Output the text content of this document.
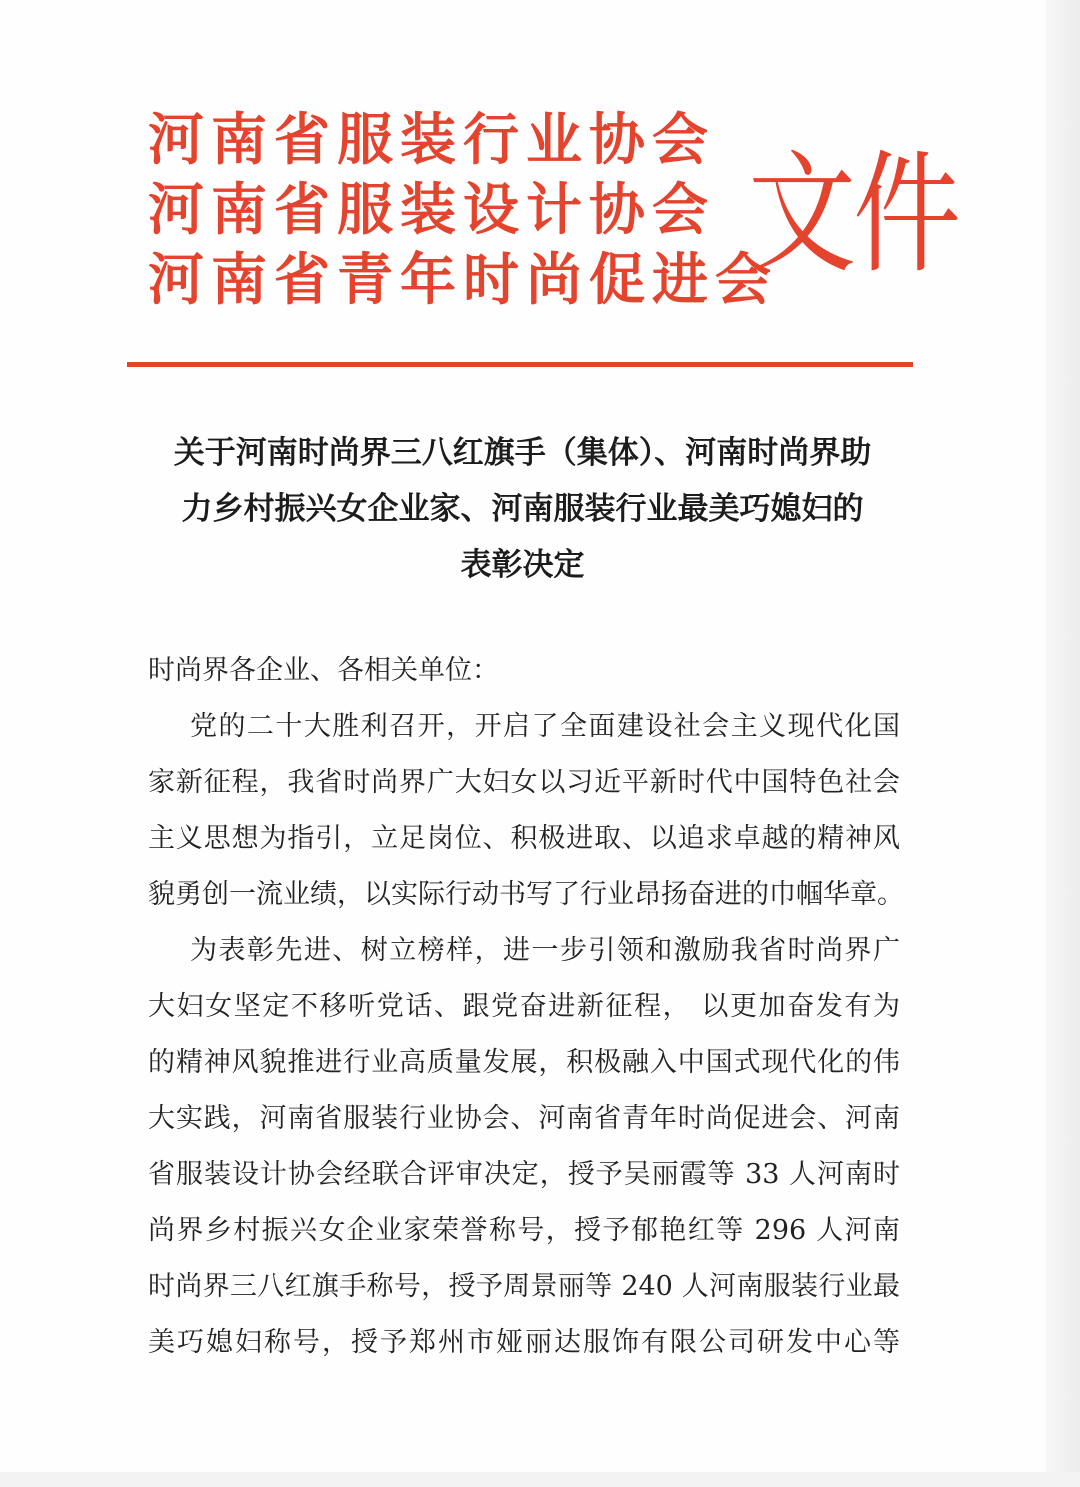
河南省服装行业协会
河南省服装设计协会
河南省青年时尚促进会
文件
关于河南时尚界三八红旗手（集体）、河南时尚界助
力乡村振兴女企业家、河南服装行业最美巧媳妇的
表彰决定
时尚界各企业、各相关单位：
党的二十大胜利召开，开启了全面建设社会主义现代化国
家新征程，我省时尚界广大妇女以习近平新时代中国特色社会
主义思想为指引，立足岗位、积极进取、以追求卓越的精神风
貌勇创一流业绩，以实际行动书写了行业昂扬奋进的巾帼华章。
为表彰先进、树立榜样，进一步引领和激励我省时尚界广
大妇女坚定不移听党话、跟党奋进新征程， 以更加奋发有为
的精神风貌推进行业高质量发展，积极融入中国式现代化的伟
大实践，河南省服装行业协会、河南省青年时尚促进会、河南
省服装设计协会经联合评审决定，授予吴丽霞等 33 人河南时
尚界乡村振兴女企业家荣誉称号，授予郁艳红等 296 人河南
时尚界三八红旗手称号，授予周景丽等 240 人河南服装行业最
美巧媳妇称号，授予郑州市娅丽达服饰有限公司研发中心等
